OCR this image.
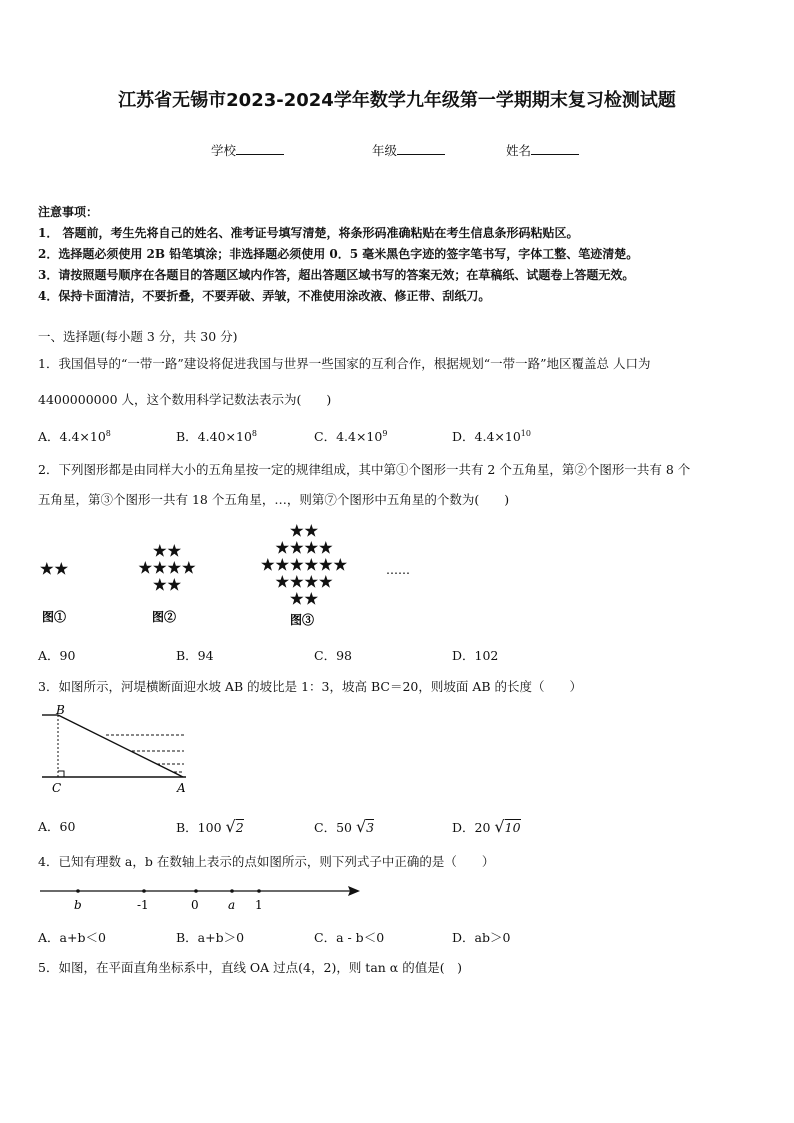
江苏省无锡市2023-2024学年数学九年级第一学期期末复习检测试题
学校	年级	姓名
注意事项：
1． 答题前，考生先将自己的姓名、准考证号填写清楚，将条形码准确粘贴在考生信息条形码粘贴区。
2．选择题必须使用 2B 铅笔填涂；非选择题必须使用 0．5 毫米黑色字迹的签字笔书写，字体工整、笔迹清楚。
3．请按照题号顺序在各题目的答题区域内作答，超出答题区域书写的答案无效；在草稿纸、试题卷上答题无效。
4．保持卡面清洁，不要折叠，不要弄破、弄皱，不准使用涂改液、修正带、刮纸刀。
一、选择题(每小题 3 分，共 30 分)
1．我国倡导的“一带一路”建设将促进我国与世界一些国家的互利合作，根据规划“一带一路”地区覆盖总 人口为
4400000000 人，这个数用科学记数法表示为(　　)
A．$4.4\times 10^8$	B．$4.40\times 10^8$	C．$4.4\times 10^9$	D．$4.4\times 10^{10}$
2．下列图形都是由同样大小的五角星按一定的规律组成，其中第①个图形一共有 2 个五角星，第②个图形一共有 8 个
五角星，第③个图形一共有 18 个五角星，…，则第⑦个图形中五角星的个数为(　　)
图①	图②	图③
……
A．90	B．94	C．98	D．102
3．如图所示，河堤横断面迎水坡 AB 的坡比是 1：3，坡高 BC＝20，则坡面 AB 的长度（　　）
B
C	A
A．60	B．100 √2	C．50 √3	D．20 √10
4．已知有理数 a，b 在数轴上表示的点如图所示，则下列式子中正确的是（　　）
b	-1	0 a 1
A．a+b＜0	B．a+b＞0	C．a - b＜0	D．ab＞0
5．如图，在平面直角坐标系中，直线 OA 过点(4，2)，则 tan α 的值是(　)
